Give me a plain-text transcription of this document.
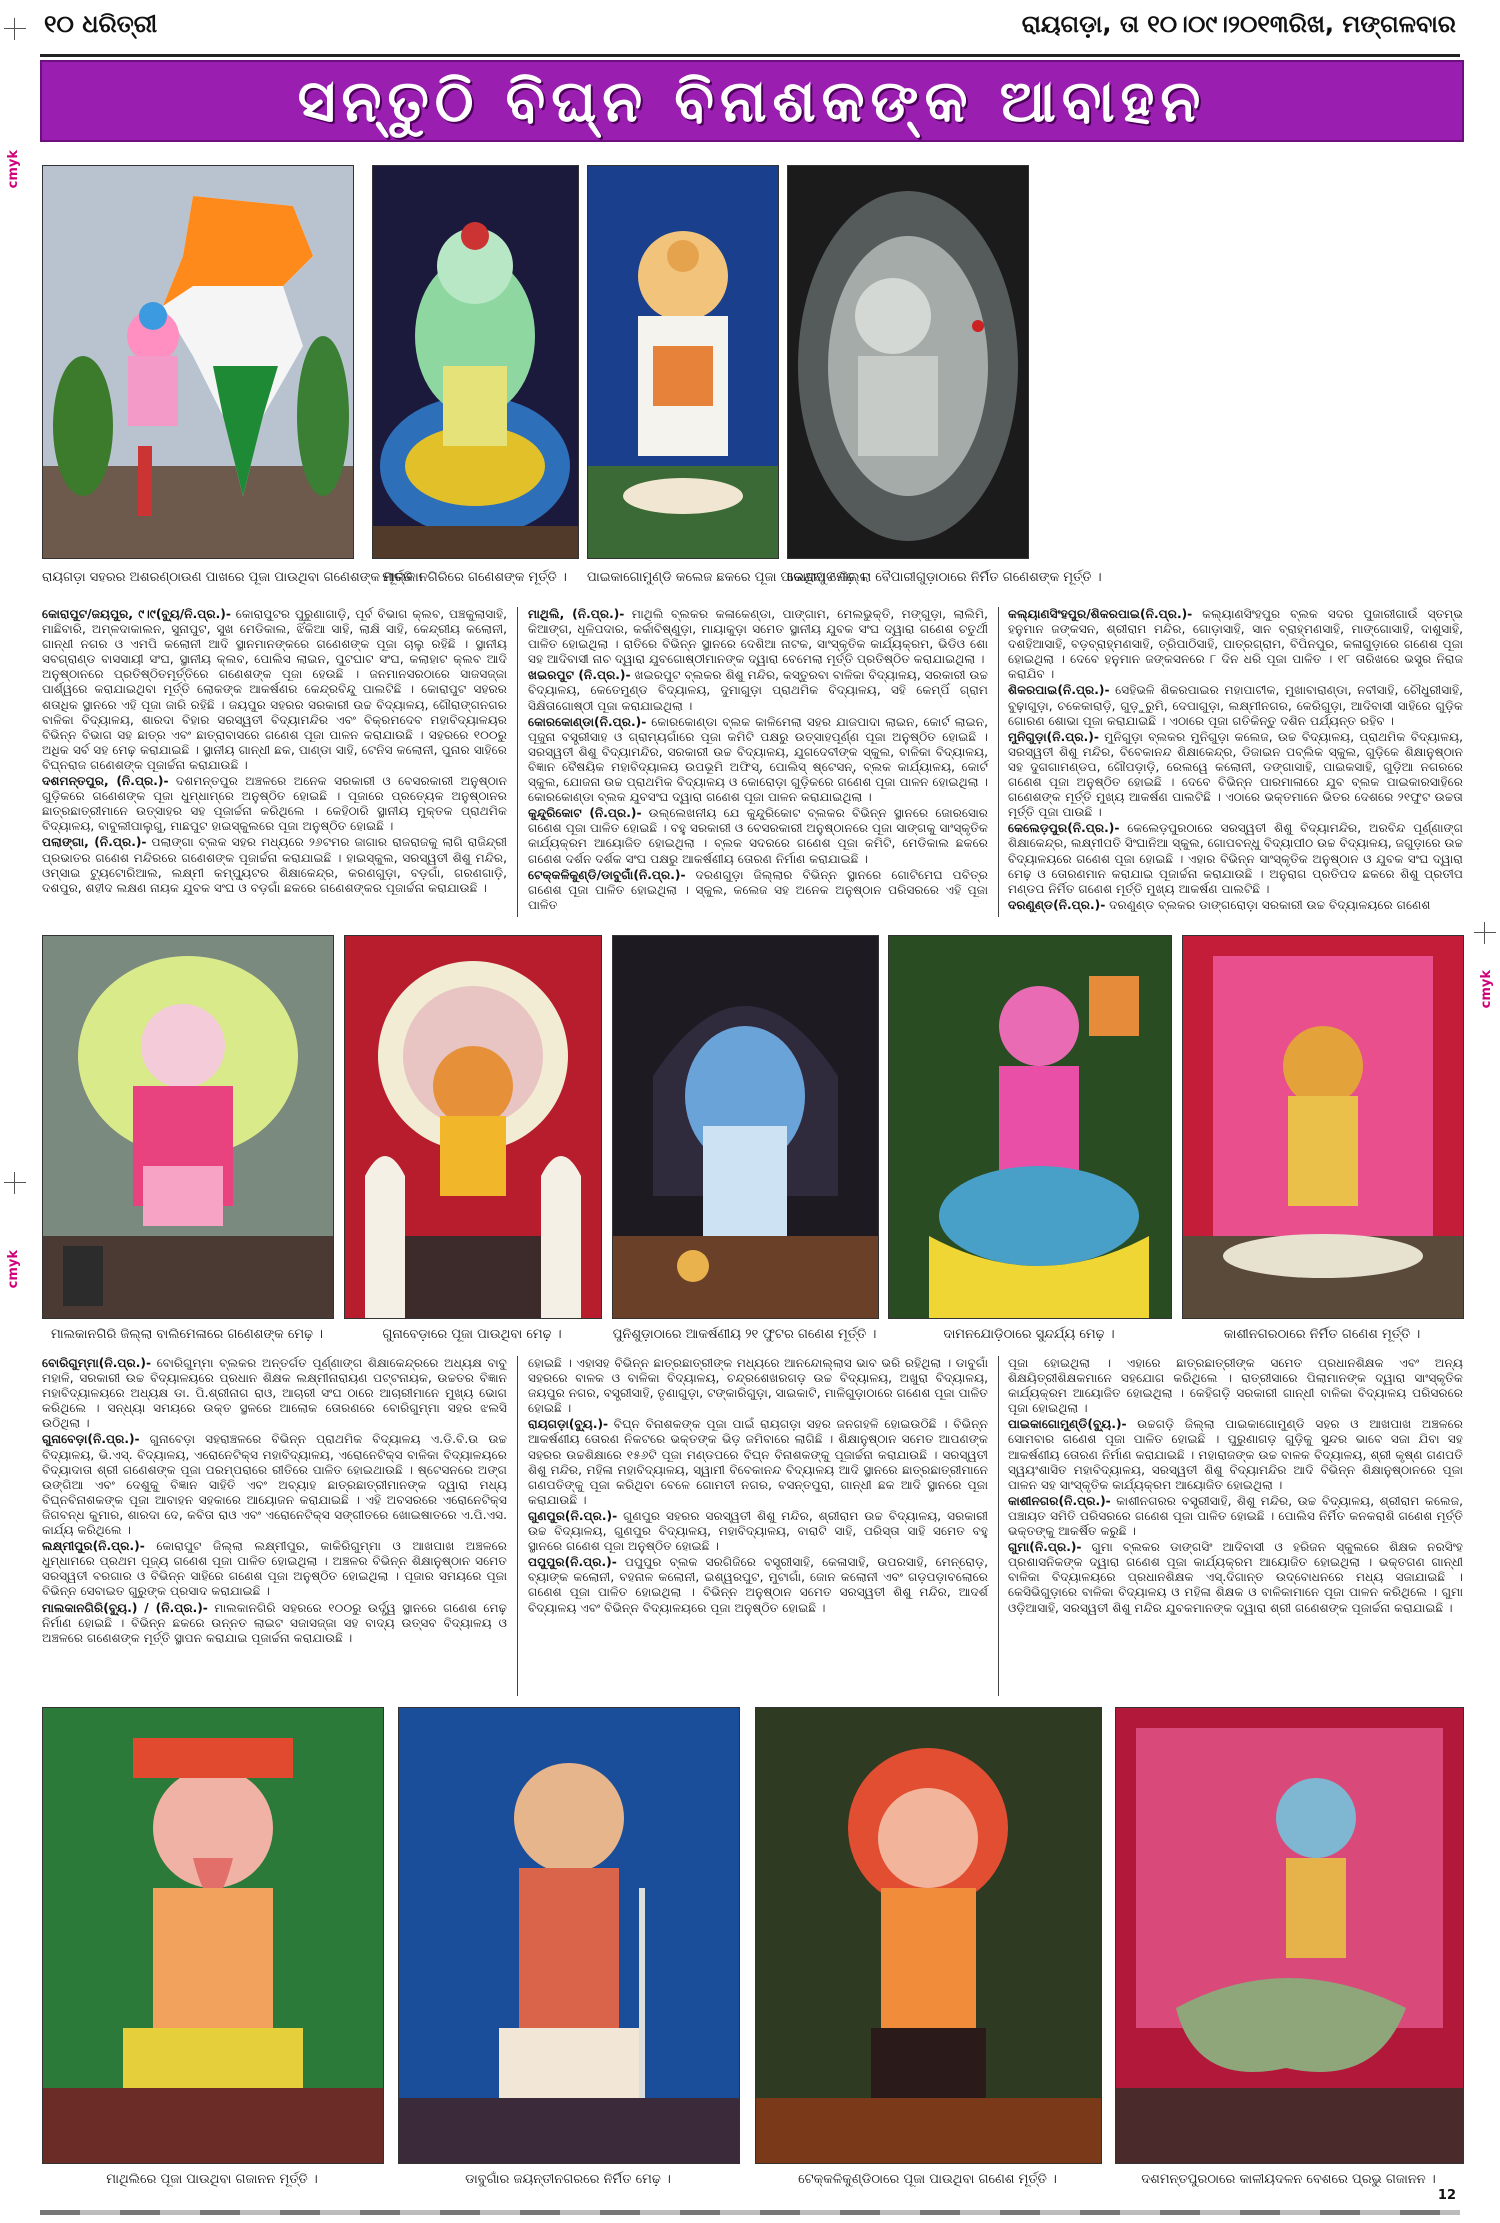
୧୦ ଧରିତ୍ରୀ	ରାୟଗଡ଼ା, ତା ୧୦।୦୯।୨୦୧୩ରିଖ, ମଙ୍ଗଳବାର
ସନ୍ତୁଠି ବିଘ୍ନ ବିନାଶକଙ୍କ ଆବାହନ
cmyk
cmyk
cmyk
ରାୟଗଡ଼ା ସହରର ଅଶରଣ୍ଠାଉଣ ପାଖରେ ପୂଜା ପାଉଥିବା ଗଣେଶଙ୍କ ମୂର୍ତ୍ତି ।
ମାଲକାନଗିରିରେ ଗଣେଶଙ୍କ ମୂର୍ତ୍ତି ।	ପାଇକାଗୋମୁଣ୍ଡି କଲେଜ ଛକରେ ପୂଜା ପାଉଥିବା ମେଢ଼ ।
କୋରାପୁଟ ଜିଲ୍ଲା ବୈପାରୀଗୁଡ଼ାଠାରେ ନିର୍ମିତ ଗଣେଶଙ୍କ ମୂର୍ତ୍ତି ।

କୋରାପୁଟ/ଜୟପୁର, ୯।୯(ବ୍ୟୁ/ନି.ପ୍ର.)- କୋରାପୁଟର ପୁରୁଣାଗାଡ଼ି, ପୂର୍ବ ବିଭାଗ କ୍ଲବ, ପଞ୍ଚକୁଲାସାହି, ମାଛିବାରି, ଅମ୍ଳଦାକାଲନ, ସୁନାପୁଟ, ସୁଖ ମେଡିକାଲ, ଝିଁକିଆ ସାହି, ଲାକ୍ଷି ସାହି, କେନ୍ଦ୍ରୀୟ କଲୋନୀ, ଗାନ୍ଧୀ ନଗର ଓ ଏମପି କଲୋନୀ ଆଦି ସ୍ଥାନମାନଙ୍କରେ ଗଣେଶଙ୍କ ପୂଜା ଚାଲୁ ରହିଛି । ସ୍ଥାନୀୟ ସବଗ୍ରାଣ୍ଡ ବାସସାୟୀ ସଂଘ, ସ୍ଥାନୀୟ କ୍ଲବ, ପୋଲିସ ଲାଇନ, ପୁଟଘାଟ ସଂଘ, କଲାହାଟ କ୍ଲବ ଆଦି ଅନୁଷ୍ଠାନରେ ପ୍ରତିଷ୍ଠିତମୂର୍ତ୍ତିରେ ଗଣେଶଙ୍କ ପୂଜା ହେଉଛି । ଜନମାନସରଠାରେ ସାଜସଜ୍ଜା ପାର୍ଶ୍ୱରେ କରାଯାଇଥିବା ମୂର୍ତ୍ତି ଲୋକଙ୍କ ଆକର୍ଷଣର କେନ୍ଦ୍ରବିନ୍ଦୁ ପାଲଟିଛି । କୋରାପୁଟ ସହରର ଶତାଧିକ ସ୍ଥାନରେ ଏହି ପୂଜା ଜାରି ରହିଛି । ଜୟପୁର ସହରର ସରକାରୀ ଉଚ୍ଚ ବିଦ୍ୟାଳୟ, ଗୌରାଙ୍ଗନଗର ବାଳିକା ବିଦ୍ୟାଳୟ, ଶାରଦା ବିହାର ସରସ୍ୱତୀ ବିଦ୍ୟାମନ୍ଦିର ଏବଂ ବିକ୍ରମଦେବ ମହାବିଦ୍ୟାଳୟର ବିଭିନ୍ନ ବିଭାଗ ସହ ଛାତ୍ର ଏବଂ ଛାତ୍ରାବାସରେ ଗଣେଶ ପୂଜା ପାଳନ କରାଯାଉଛି । ସହରରେ ୧୦୦ରୁ ଅଧିକ ସର୍ବ ସହ ମେଢ଼ କରାଯାଇଛି । ସ୍ଥାନୀୟ ଗାନ୍ଧୀ ଛକ, ପାଣ୍ଡା ସାହି, ଟେନିସ କଲୋନୀ, ପୁନାର ସାହିରେ ବିଘ୍ନରାଜ ଗଣେଶଙ୍କ ପୂଜାର୍ଚ୍ଚନା କରାଯାଉଛି ।

ଦଶମନ୍ତପୁର, (ନି.ପ୍ର.)- ଦଶମନ୍ତପୁର ଅଞ୍ଚଳରେ ଅନେକ ସରକାରୀ ଓ ବେସରକାରୀ ଅନୁଷ୍ଠାନ ଗୁଡ଼ିକରେ ଗଣେଶଙ୍କ ପୂଜା ଧୁମ୍‌ଧାମ୍‌ରେ ଅନୁଷ୍ଠିତ ହୋଇଛି । ପୂଜାରେ ପ୍ରତ୍ୟେକ ଅନୁଷ୍ଠାନର ଛାତ୍ରଛାତ୍ରୀମାନେ ଉତ୍ସାହର ସହ ପୂଜାର୍ଚ୍ଚନା କରିଥିଲେ । କେହିଠାରି ସ୍ଥାନୀୟ ମୁକ୍ତକ ପ୍ରାଥମିକ ବିଦ୍ୟାଳୟ, ବାବୁଲୀପାଲୁଗୁ, ମାଛପୁଟ ହାଇସ୍କୁଲରେ ପୂଜା ଅନୁଷ୍ଠିତ ହୋଇଛି ।

ପଲାଙ୍ଗା, (ନି.ପ୍ର.)- ପଲାଙ୍ଗା ବ୍ଲକ ସହର ମଧ୍ୟରେ ୨୬ଟମର ଜାଗାର ରାଜରାଜକୁ ଲାଗି ରାଜିନ୍ଦ୍ରୀ ପ୍ରଭାତର ଗଣେଶ ମନ୍ଦିରରେ ଗଣେଶଙ୍କ ପୂଜାର୍ଚ୍ଚନା କରାଯାଇଛି । ହାଇସ୍କୁଲ, ସରସ୍ୱତୀ ଶିଶୁ ମନ୍ଦିର, ଓମ୍‌ସାଇ ଟ୍ୟୁଟୋରିଆଲ, ଲକ୍ଷ୍ମୀ କମ୍ପ୍ୟୁଟର ଶିକ୍ଷାକେନ୍ଦ୍ର, କରଣଗୁଡ଼ା, ବଡ଼ଗାଁ, ଗରଣଗାଡ଼ି, ଦଶପୁର, ଶହୀଦ ଲକ୍ଷଣ ନାୟକ ଯୁବକ ସଂଘ ଓ ବଡ଼ଗାଁ ଛକରେ ଗଣେଶଙ୍କର ପୂଜାର୍ଚ୍ଚନା କରାଯାଉଛି ।

ମାଥିଲି, (ନି.ପ୍ର.)- ମାଥିଲି ବ୍ଲକର କଳାକେଣ୍ଡା, ପାଙ୍ଗାମ, ମେଲଭୁକ୍ତି, ମଙ୍ଗୁଡ଼ା, ଲାଲିମି, କିଆଙ୍ଗ, ଧୂଳିପଦାର, କର୍କାବିଷ୍ଣୁଡ଼ା, ମାୟାକୁଡ଼ା ସମେତ ସ୍ଥାନୀୟ ଯୁବକ ସଂଘ ଦ୍ୱାରା ଗଣେଶ ଚତୁର୍ଥୀ ପାଳିତ ହୋଇଥିଲା । ରାତିରେ ବିଭିନ୍ନ ସ୍ଥାନରେ ଦେଶିଆ ନାଟକ, ସାଂସ୍କୃତିକ କାର୍ଯ୍ୟକ୍ରମ, ଭିଡିଓ ଶୋ ସହ ଆଦିବାସୀ ନାଚ ଦ୍ୱାରା ଯୁବଗୋଷ୍ଠୀମାନଙ୍କ ଦ୍ୱାରା ବେମେଲା ମୂର୍ତ୍ତି ପ୍ରତିଷ୍ଠିତ କରାଯାଇଥିଲା ।

ଖଇରପୁଟ (ନି.ପ୍ର.)- ଖଇରପୁଟ ବ୍ଲକର ଶିଶୁ ମନ୍ଦିର, କସ୍ତୁରବା ବାଳିକା ବିଦ୍ୟାଳୟ, ସରକାରୀ ଉଚ୍ଚ ବିଦ୍ୟାଳୟ, କେତେମୁଣ୍ଡ ବିଦ୍ୟାଳୟ, ଦୁମାଗୁଡ଼ା ପ୍ରାଥମିକ ବିଦ୍ୟାଳୟ, ସହି କେମ୍ପିଁ ଗ୍ରାମ ସିକ୍ଷିତାଗୋଷ୍ଠୀ ପୂଜା କରାଯାଇଥିଲା ।

କୋରକୋଣ୍ଡା(ନି.ପ୍ର.)- କୋରକୋଣ୍ଡା ବ୍ଲକ କାଳିମେଲା ସହର ଯାଜପାଦା ଲାଇନ, କୋର୍ଟ ଲାଇନ, ପୂଜୁନା ବସ୍ତ୍ରୀସାହ ଓ ଗ୍ରାମ୍ୟଗାଁରେ ପୂଜା କମିଟି ପକ୍ଷରୁ ଉତ୍ସାହପୂର୍ଣ୍ଣ ପୂଜା ଅନୁଷ୍ଠିତ ହୋଇଛି । ସରସ୍ୱତୀ ଶିଶୁ ବିଦ୍ୟାମନ୍ଦିର, ସରକାରୀ ଉଚ୍ଚ ବିଦ୍ୟାଳୟ, ଯୁଗଦେବୀଙ୍କ ସ୍କୁଲ, ବାଳିକା ବିଦ୍ୟାଳୟ, ବିଜ୍ଞାନ ବୈଷୟିକ ମହାବିଦ୍ୟାଳୟ ଉପଭୂମି ଅଫିସ୍, ପୋଲିସ୍ ଷ୍ଟେସନ୍, ବ୍ଲକ କାର୍ଯ୍ୟାଳୟ, କୋର୍ଟ ସ୍କୁଲ, ଯୋଜନା ଉଚ୍ଚ ପ୍ରାଥମିକ ବିଦ୍ୟାଳୟ ଓ କୋରୋଡ଼ା ଗୁଡ଼ିକରେ ଗଣେଶ ପୂଜା ପାଳନ ହୋଇଥିଲା । କୋରକୋଣ୍ଡା ବ୍ଲକ ଯୁବସଂଘ ଦ୍ୱାରା ଗଣେଶ ପୂଜା ପାଳନ କରାଯାଇଥିଲା ।

କୁନ୍ଦୁରିକୋଟ (ନି.ପ୍ର.)- ଉଲ୍ଲେଖନୀୟ ଯେ କୁନ୍ଦୁରିକୋଟ ବ୍ଲକର ବିଭିନ୍ନ ସ୍ଥାନରେ ଜୋରସୋର ଗଣେଶ ପୂଜା ପାଳିତ ହୋଇଛି । ବହୁ ସରକାରୀ ଓ ବେସରକାରୀ ଅନୁଷ୍ଠାନରେ ପୂଜା ସାଙ୍ଗକୁ ସାଂସ୍କୃତିକ କାର୍ଯ୍ୟକ୍ରମ ଆୟୋଜିତ ହୋଇଥିଲା । ବ୍ଲକ ସଦରରେ ଗଣେଶ ପୂଜା କମିଟି, ମେଡିକାଲ ଛକରେ ଗଣେଶ ଦର୍ଶନ ଦର୍ଶକ ସଂଘ ପକ୍ଷରୁ ଆକର୍ଷଣୀୟ ତୋରଣ ନିର୍ମାଣ କରାଯାଇଛି ।

ଟେକ୍କଳିକୁଣ୍ଡି/ଡାବୁଗାଁ(ନି.ପ୍ର.)- ଦରଣଗୁଡ଼ା ଜିଲ୍ଲାର ବିଭିନ୍ନ ସ୍ଥାନରେ ଗୋଟିମେଘ ପବିତ୍ର ଗଣେଶ ପୂଜା ପାଳିତ ହୋଇଥିଲା । ସ୍କୁଲ, କଲେଜ ସହ ଅନେକ ଅନୁଷ୍ଠାନ ପରିସରରେ ଏହି ପୂଜା ପାଳିତ

କଲ୍ୟାଣସିଂହପୁର/ଶିକରପାଇ(ନି.ପ୍ର.)- କଲ୍ୟାଣସିଂହପୁର ବ୍ଲକ ସଦର ପୁଜାରୀଗାଉଁ ସ୍ତମ୍ଭ ହନୁମାନ ଜଙ୍କସନ, ଶ୍ରୀରାମ ମନ୍ଦିର, ଗୋଡ଼ାସାହି, ସାନ ବ୍ରାହ୍ମଣସାହି, ମାଙ୍ଗୋସାହି, ଦାଶୁସାହି, ଦଶହିଆସାହି, ବଡ଼ବ୍ରାହ୍ମଣସାହି, ତ୍ରିପାଠିସାହି, ପାତ୍ରଗ୍ରାମ, ବିପିନପୁର, କଳାଗୁଡ଼ାରେ ଗଣେଶ ପୂଜା ହୋଇଥିଲା । ଦେବେ ହନୁମାନ ଜଙ୍କସନରେ ୮ ଦିନ ଧରି ପୂଜା ପାଳିତ । ୧୮ ତାରିଖରେ ଭସ୍ତ୍ର ନିରାଜ କରାଯିବ ।

ଶିକରପାଇ(ନି.ପ୍ର.)- ସେହିଭଳି ଶିକରପାଇର ମହାପାଟୀକ, ମୁଖାବାରାଣ୍ଡା, ନବୀସାହି, ଚୌଧୁରୀସାହି, ବୁଢ଼ାଗୁଡ଼ା, ଚକେକାରାଡ଼ି, ଗୁଡ଼ୁରୁମି, ଦେପାଗୁଡ଼ା, ଲକ୍ଷ୍ମୀନଗର, କେରିଗୁଡ଼ା, ଆଦିବାସୀ ସାହିରେ ଗୁଡ଼ିକ ଗୋରଣ ଶୋଭା ପୂଜା କରାଯାଇଛି । ଏଠାରେ ପୂଜା ଗତିକିନ୍ତୁ ଦଶିନ ପର୍ଯ୍ୟନ୍ତ ରହିବ ।

ମୁନିଗୁଡ଼ା(ନି.ପ୍ର.)- ମୁନିଗୁଡ଼ା ବ୍ଲକର ମୁନିଗୁଡ଼ା କଲେଜ, ଉଚ୍ଚ ବିଦ୍ୟାଳୟ, ପ୍ରାଥମିକ ବିଦ୍ୟାଳୟ, ସରସ୍ୱତୀ ଶିଶୁ ମନ୍ଦିର, ବିବେକାନନ୍ଦ ଶିକ୍ଷାକେନ୍ଦ୍ର, ଡିଜାଇନ ପବ୍ଲିକ ସ୍କୁଲ, ଗୁଡ଼ିକେ ଶିକ୍ଷାନୁଷ୍ଠାନ ସହ ଦୁଗଗାମଣ୍ଡପ, ଗୌପଡ଼ାଡ଼ି, ରେଲୱେ କଲୋନୀ, ଡଙ୍ଗାସାହି, ପାଇକସାହି, ଗୁଡ଼ିଆ ନଗରରେ ଗଣେଶ ପୂଜା ଅନୁଷ୍ଠିତ ହୋଇଛି । ଦେବେ ବିଭିନ୍ନ ପାରମାଳାରେ ଯୁବ ବ୍ଲକ ପାଇକାରସାହିରେ ଗଣେଶଙ୍କ ମୂର୍ତ୍ତି ମୁଖ୍ୟ ଆକର୍ଷଣ ପାଲଟିଛି । ଏଠାରେ ଭକ୍ତମାନେ ଭିତର ଦେଶରେ ୨୧ଫୁଟ ଉଚ୍ଚତା ମୂର୍ତ୍ତି ପୂଜା ପାଉଛି ।

କେଲେଡ଼ପୁର(ନି.ପ୍ର.)- କେଲେଡ଼ପୁରଠାରେ ସରସ୍ୱତୀ ଶିଶୁ ବିଦ୍ୟାମନ୍ଦିର, ଅରବିନ୍ଦ ପୂର୍ଣ୍ଣାଙ୍ଗ ଶିକ୍ଷାକେନ୍ଦ୍ର, ଲକ୍ଷ୍ମୀପତି ସିଂଘାନିଆ ସ୍କୁଲ, ଗୋପବନ୍ଧୁ ବିଦ୍ୟାପୀଠ ଉଚ୍ଚ ବିଦ୍ୟାଳୟ, ଜଗୁଡ଼ାରେ ଉଚ୍ଚ ବିଦ୍ୟାଳୟରେ ଗଣେଶ ପୂଜା ହୋଇଛି । ଏହାର ବିଭିନ୍ନ ସାଂସ୍କୃତିକ ଅନୁଷ୍ଠାନ ଓ ଯୁବକ ସଂଘ ଦ୍ୱାରା ମେଢ଼ ଓ ତୋରଣମାନ କରାଯାଇ ପୂଜାର୍ଚ୍ଚନା କରାଯାଉଛି । ଅନୁରାଗ ପ୍ରତିପଦ ଛକରେ ଶିଶୁ ପ୍ରତୀପ ମଣ୍ଡପ ନିର୍ମିତ ଗଣେଶ ମୂର୍ତ୍ତି ମୁଖ୍ୟ ଆକର୍ଷଣ ପାଲଟିଛି ।

ଦରଣୁଣ୍ଡ(ନି.ପ୍ର.)- ଦରଣୁଣ୍ଡ ବ୍ଲକର ଡାଙ୍ଗରୋଡ଼ା ସରକାରୀ ଉଚ୍ଚ ବିଦ୍ୟାଳୟରେ ଗଣେଶ

ମାଲକାନଗିରି ଜିଲ୍ଲା ବାଲିମେଳାରେ ଗଣେଶଙ୍କ ମେଢ଼ ।	ଗୁନାବେଡ଼ାରେ ପୂଜା ପାଉଥିବା ମେଢ଼ ।	ପୁନିଶୁଡ଼ାଠାରେ ଆକର୍ଷଣୀୟ ୨୧ ଫୁଟର ଗଣେଶ ମୂର୍ତ୍ତି ।	ଦାମନଯୋଡ଼ିଠାରେ ସୁନ୍ଦର୍ଯ୍ୟ ମେଢ଼ ।	କାଶୀନଗରଠାରେ ନିର୍ମିତ ଗଣେଶ ମୂର୍ତ୍ତି ।

ବୋରିଗୁମ୍ମା(ନି.ପ୍ର.)- ବୋରିଗୁମ୍ମା ବ୍ଲକର ଅନ୍ତର୍ଗତ ପୂର୍ଣ୍ଣାଙ୍ଗ ଶିକ୍ଷାକେନ୍ଦ୍ରରେ ଅଧ୍ୟକ୍ଷ ବାବୁ ମହାଳି, ସରକାରୀ ଉଚ୍ଚ ବିଦ୍ୟାଳୟରେ ପ୍ରଧାନ ଶିକ୍ଷକ ଲକ୍ଷ୍ମୀନାରାୟଣ ପଟ୍ଟନାୟକ, ଉଚ୍ଚତର ବିଜ୍ଞାନ ମହାବିଦ୍ୟାଳୟରେ ଅଧ୍ୟକ୍ଷ ଡା. ପି.ଶ୍ରୀନାଗ ରାଓ, ଆଚାରୀ ସଂଘ ଠାରେ ଆଚାରୀମାନେ ମୁଖ୍ୟ ଭୋଗ କରିଥିଲେ । ସନ୍ଧ୍ୟା ସମୟରେ ଉକ୍ତ ସ୍ଥଳରେ ଆଲୋକ ତୋରଣରେ ବୋରିଗୁମ୍ମା ସହର ଝଲସି ଉଠିଥିଲା ।

ଗୁନାବେଡ଼ା(ନି.ପ୍ର.)- ଗୁନାବେଡ଼ା ସହରାଞ୍ଚଳରେ ବିଭିନ୍ନ ପ୍ରାଥମିକ ବିଦ୍ୟାଳୟ ଏ.ଡି.ବି.ଉ ଉଚ୍ଚ ବିଦ୍ୟାଳୟ, ଭି.ଏସ୍. ବିଦ୍ୟାଳୟ, ଏରୋନେଟିକ୍ସ ମହାବିଦ୍ୟାଳୟ, ଏରୋନେଟିକ୍ସ ବାଳିକା ବିଦ୍ୟାଳୟରେ ବିଦ୍ୟାଦାତା ଶ୍ରୀ ଗଣେଶଙ୍କ ପୂଜା ପରମ୍ପରାରେ ରୀତିରେ ପାଳିତ ହୋଇଥାଉଛି । ଷ୍ଟେସନରେ ଅଙ୍ଗ ଉଙ୍ଗିଆ ଏବଂ ଦେଶୁକୁ ବିଜ୍ଞାନ ସାହିତି ଏବଂ ଅବ୍ୟାହ ଛାତ୍ରଛାତ୍ରୀମାନଙ୍କ ଦ୍ୱାରା ମଧ୍ୟ ବିଘ୍ନବିନାଶକଙ୍କ ପୂଜା ଆବାହନ ସହକାରେ ଆୟୋଜନ କରାଯାଇଛି । ଏହି ଅବସରରେ ଏରୋନେଟିକ୍ସ ଜିଗବନ୍ଧ କୁମାର, ଶାରଦା ଦେ, କବିତା ରାଓ ଏବଂ ଏରୋନେଟିକ୍ସ ସଙ୍ଗୀତରେ ଖୋଇଷାତରେ ଏ.ପି.ଏସ. କାର୍ଯ୍ୟ କରିଥିଲେ ।

ଲକ୍ଷ୍ମୀପୁର(ନି.ପ୍ର.)- କୋରାପୁଟ ଜିଲ୍ଲା ଲକ୍ଷ୍ମୀପୁର, କାକିରିଗୁମ୍ମା ଓ ଆଖପାଖ ଅଞ୍ଚଳରେ ଧୁମ୍‌ଧାମରେ ପ୍ରଥମ ପୂଜ୍ୟ ଗଣେଶ ପୂଜା ପାଳିତ ହୋଇଥିଲା । ଅଞ୍ଚଳର ବିଭିନ୍ନ ଶିକ୍ଷାନୁଷ୍ଠାନ ସମେତ ସରସ୍ୱତୀ ବରଗାର ଓ ବିଭିନ୍ନ ସାହିରେ ଗଣେଶ ପୂଜା ଅନୁଷ୍ଠିତ ହୋଇଥିଲା । ପୂଜାର ସମୟରେ ପୂଜା ବିଭିନ୍ନ ସେବାଇତ ଗୁରୁଙ୍କ ପ୍ରସାଦ କରାଯାଇଛି ।

ମାଲକାନଗିରି(ବ୍ୟୁ.) / (ନି.ପ୍ର.)- ମାଲକାନଗିରି ସହରରେ ୧୦୦ରୁ ଉର୍ଦ୍ଧ୍ୱ ସ୍ଥାନରେ ଗଣେଶ ମେଢ଼ ନିର୍ମାଣ ହୋଇଛି । ବିଭିନ୍ନ ଛକରେ ଉନ୍ନତ ଲାଇଟ ସଜାସଜ୍ଜା ସହ ବାଦ୍ୟ ଉତ୍ସବ ବିଦ୍ୟାଳୟ ଓ ଅଞ୍ଚଳରେ ଗଣେଶଙ୍କ ମୂର୍ତ୍ତି ସ୍ଥାପନ କରାଯାଇ ପୂଜାର୍ଚ୍ଚନା କରାଯାଉଛି ।

ହୋଇଛି । ଏହାସହ ବିଭିନ୍ନ ଛାତ୍ରଛାତ୍ରୀଙ୍କ ମଧ୍ୟରେ ଆନନ୍ଦୋଲ୍ଲାସ ଭାବ ଭରି ରହିଥିଲା । ଡାବୁଗାଁ ସହରରେ ବାଳକ ଓ ବାଳିକା ବିଦ୍ୟାଳୟ, ଚନ୍ଦ୍ରଶେଖରଗଡ଼ ଉଚ୍ଚ ବିଦ୍ୟାଳୟ, ଅଖୁରା ବିଦ୍ୟାଳୟ, ଜୟପୁର ନଗର, ବସ୍ତ୍ରୀସାହି, ତୃଣାଗୁଡ଼ା, ଟଙ୍କାରିଗୁଡ଼ା, ସାଇକାଟି, ମାଳିଗୁଡ଼ାଠାରେ ଗଣେଶ ପୂଜା ପାଳିତ ହୋଇଛି ।

ରାୟଗଡ଼ା(ବ୍ୟୁ.)- ବିଘ୍ନ ବିନାଶକଙ୍କ ପୂଜା ପାଇଁ ରାୟଗଡ଼ା ସହର ଜନଗହଳି ହୋଇଉଠିଛି । ବିଭିନ୍ନ ଆକର୍ଷଣୀୟ ତୋରଣ ନିକଟରେ ଭକ୍ତଙ୍କ ଭିଡ଼ ଜମିବାରେ ଲାଗିଛି । ଶିକ୍ଷାନୁଷ୍ଠାନ ସମେତ ଆପଣଙ୍କ ସହରର ଉଚ୍ଚଶିକ୍ଷାରେ ୧୫୬ଟି ପୂଜା ମଣ୍ଡପରେ ବିଘ୍ନ ବିନାଶକଙ୍କୁ ପୂଜାର୍ଚ୍ଚନା କରାଯାଉଛି । ସରସ୍ୱତୀ ଶିଶୁ ମନ୍ଦିର, ମହିଳା ମହାବିଦ୍ୟାଳୟ, ସ୍ୱାମୀ ବିବେକାନନ୍ଦ ବିଦ୍ୟାଳୟ ଆଦି ସ୍ଥାନରେ ଛାତ୍ରଛାତ୍ରୀମାନେ ଗଣପତିଙ୍କୁ ପୂଜା କରିଥିବା ବେଳେ ଗୋମତୀ ନଗର, ବସନ୍ତପୁରା, ଗାନ୍ଧୀ ଛକ ଆଦି ସ୍ଥାନରେ ପୂଜା କରାଯାଉଛି ।

ଗୁଣପୁର(ନି.ପ୍ର.)- ଗୁଣପୁର ସହରର ସରସ୍ୱତୀ ଶିଶୁ ମନ୍ଦିର, ଶ୍ରୀରାମ ଉଚ୍ଚ ବିଦ୍ୟାଳୟ, ସରକାରୀ ଉଚ୍ଚ ବିଦ୍ୟାଳୟ, ଗୁଣପୁର ବିଦ୍ୟାଳୟ, ମହାବିଦ୍ୟାଳୟ, ବାରାଟି ସାହି, ପରିସ୍ତା ସାହି ସମେତ ବହୁ ସ୍ଥାନରେ ଗଣେଶ ପୂଜା ଅନୁଷ୍ଠିତ ହୋଇଛି ।

ପପୁପୁର(ନି.ପ୍ର.)- ପପୁପୁର ବ୍ଲକ ସରଗିଜିରେ ବସ୍ତ୍ରୀସାହି, କେଳାସାହି, ଉପରସାହି, ମେନ୍‌ରୋଡ଼, ବ୍ୟାଙ୍କ କଲୋନୀ, ବହନାଳ କଲୋନୀ, ଇଶ୍ୱରପୁଟ, ମୁଟାଗାଁ, ଜୋନ କଲୋନୀ ଏବଂ ଗଡ଼ପଡ଼ାବଲୋରେ ଗଣେଶ ପୂଜା ପାଳିତ ହୋଇଥିଲା । ବିଭିନ୍ନ ଅନୁଷ୍ଠାନ ସମେତ ସରସ୍ୱତୀ ଶିଶୁ ମନ୍ଦିର, ଆଦର୍ଶ ବିଦ୍ୟାଳୟ ଏବଂ ବିଭିନ୍ନ ବିଦ୍ୟାଳୟରେ ପୂଜା ଅନୁଷ୍ଠିତ ହୋଇଛି ।

ପୂଜା ହୋଇଥିଲା । ଏହାରେ ଛାତ୍ରଛାତ୍ରୀଙ୍କ ସମେତ ପ୍ରଧାନଶିକ୍ଷକ ଏବଂ ଅନ୍ୟ ଶିକ୍ଷୟିତ୍ରୀଶିକ୍ଷକମାନେ ସହଯୋଗ କରିଥିଲେ । ରାତ୍ରୀସାରେ ପିଲାମାନଙ୍କ ଦ୍ୱାରା ସାଂସ୍କୃତିକ କାର୍ଯ୍ୟକ୍ରମ ଆୟୋଜିତ ହୋଇଥିଲା । କେହିଗଡ଼ି ସରକାରୀ ଗାନ୍ଧୀ ବାଳିକା ବିଦ୍ୟାଳୟ ପରିସରରେ ପୂଜା ହୋଇଥିଲା ।

ପାଇକାଗୋମୁଣ୍ଡି(ବ୍ୟୁ.)- ଉଚ୍ଚଗଡ଼ି ଜିଲ୍ଲା ପାଇକାଗୋମୁଣ୍ଡି ସହର ଓ ଆଖପାଖ ଅଞ୍ଚଳରେ ସୋମବାର ଗଣେଶ ପୂଜା ପାଳିତ ହୋଇଛି । ପୁରୁଣାଗଡ଼ ଗୁଡ଼ିକୁ ସୁନ୍ଦର ଭାବେ ସଜା ଯିବା ସହ ଆକର୍ଷଣୀୟ ତୋରଣ ନିର୍ମାଣ କରାଯାଇଛି । ମହାରାଜଙ୍କ ଉଚ୍ଚ ବାଳକ ବିଦ୍ୟାଳୟ, ଶ୍ରୀ କୃଷ୍ଣ ଗଣପତି ସ୍ୱୟଂଶାସିତ ମହାବିଦ୍ୟାଳୟ, ସରସ୍ୱତୀ ଶିଶୁ ବିଦ୍ୟାମନ୍ଦିର ଆଦି ବିଭିନ୍ନ ଶିକ୍ଷାନୁଷ୍ଠାନରେ ପୂଜା ପାଳନ ସହ ସାଂସ୍କୃତିକ କାର୍ଯ୍ୟକ୍ରମ ଆୟୋଜିତ ହୋଇଥିଲା ।

କାଶୀନଗର(ନି.ପ୍ର.)- କାଶୀନଗରର ବସ୍ତ୍ରୀସାହି, ଶିଶୁ ମନ୍ଦିର, ଉଚ୍ଚ ବିଦ୍ୟାଳୟ, ଶ୍ରୀରାମ କଲେଜ, ପଞ୍ଚାୟତ ସମିତି ପରିସରରେ ଗଣେଶ ପୂଜା ପାଳିତ ହୋଇଛି । ପୋଲିସ ନିର୍ମିତ କନକରାଶି ଗଣେଶ ମୂର୍ତ୍ତି ଭକ୍ତଙ୍କୁ ଆକର୍ଷିତ କରୁଛି ।

ଗୁମା(ନି.ପ୍ର.)- ଗୁମା ବ୍ଲକର ଡାଙ୍ଗସିଂ ଆଦିବାସୀ ଓ ହରିଜନ ସ୍କୁଲରେ ଶିକ୍ଷକ ନରସିଂହ ପ୍ରଶାସନିକଙ୍କ ଦ୍ୱାରା ଗଣେଶ ପୂଜା କାର୍ଯ୍ୟକ୍ରମ ଆୟୋଜିତ ହୋଇଥିଲା । ଭକ୍ତଗଣ ଗାନ୍ଧୀ ବାଳିକା ବିଦ୍ୟାଳୟରେ ପ୍ରଧାନଶିକ୍ଷକ ଏସ୍.ଦିଗାନ୍ତ ଉଦ୍ବୋଧନରେ ମଧ୍ୟ ସଜାଯାଇଛି । କେସିଭିଗୁଡ଼ାରେ ବାଳିକା ବିଦ୍ୟାଳୟ ଓ ମହିଳା ଶିକ୍ଷକ ଓ ବାଳିକାମାନେ ପୂଜା ପାଳନ କରିଥିଲେ । ଗୁମା ଓଡ଼ିଆସାହି, ସରସ୍ୱତୀ ଶିଶୁ ମନ୍ଦିର ଯୁବକମାନଙ୍କ ଦ୍ୱାରା ଶ୍ରୀ ଗଣେଶଙ୍କ ପୂଜାର୍ଚ୍ଚନା କରାଯାଇଛି ।

ମାଥିଲିରେ ପୂଜା ପାଉଥିବା ଗଜାନନ ମୂର୍ତ୍ତି ।	ଡାବୁଗାଁର ଜୟନ୍ତୀନଗରରେ ନିର୍ମିତ ମେଢ଼ ।	ଟେକ୍କଳିକୁଣ୍ଡିଠାରେ ପୂଜା ପାଉଥିବା ଗଣେଶ ମୂର୍ତ୍ତି ।	ଦଶମନ୍ତପୁରଠାରେ କାଳୀୟଦଳନ ବେଶରେ ପ୍ରଭୁ ଗଜାନନ ।
12
